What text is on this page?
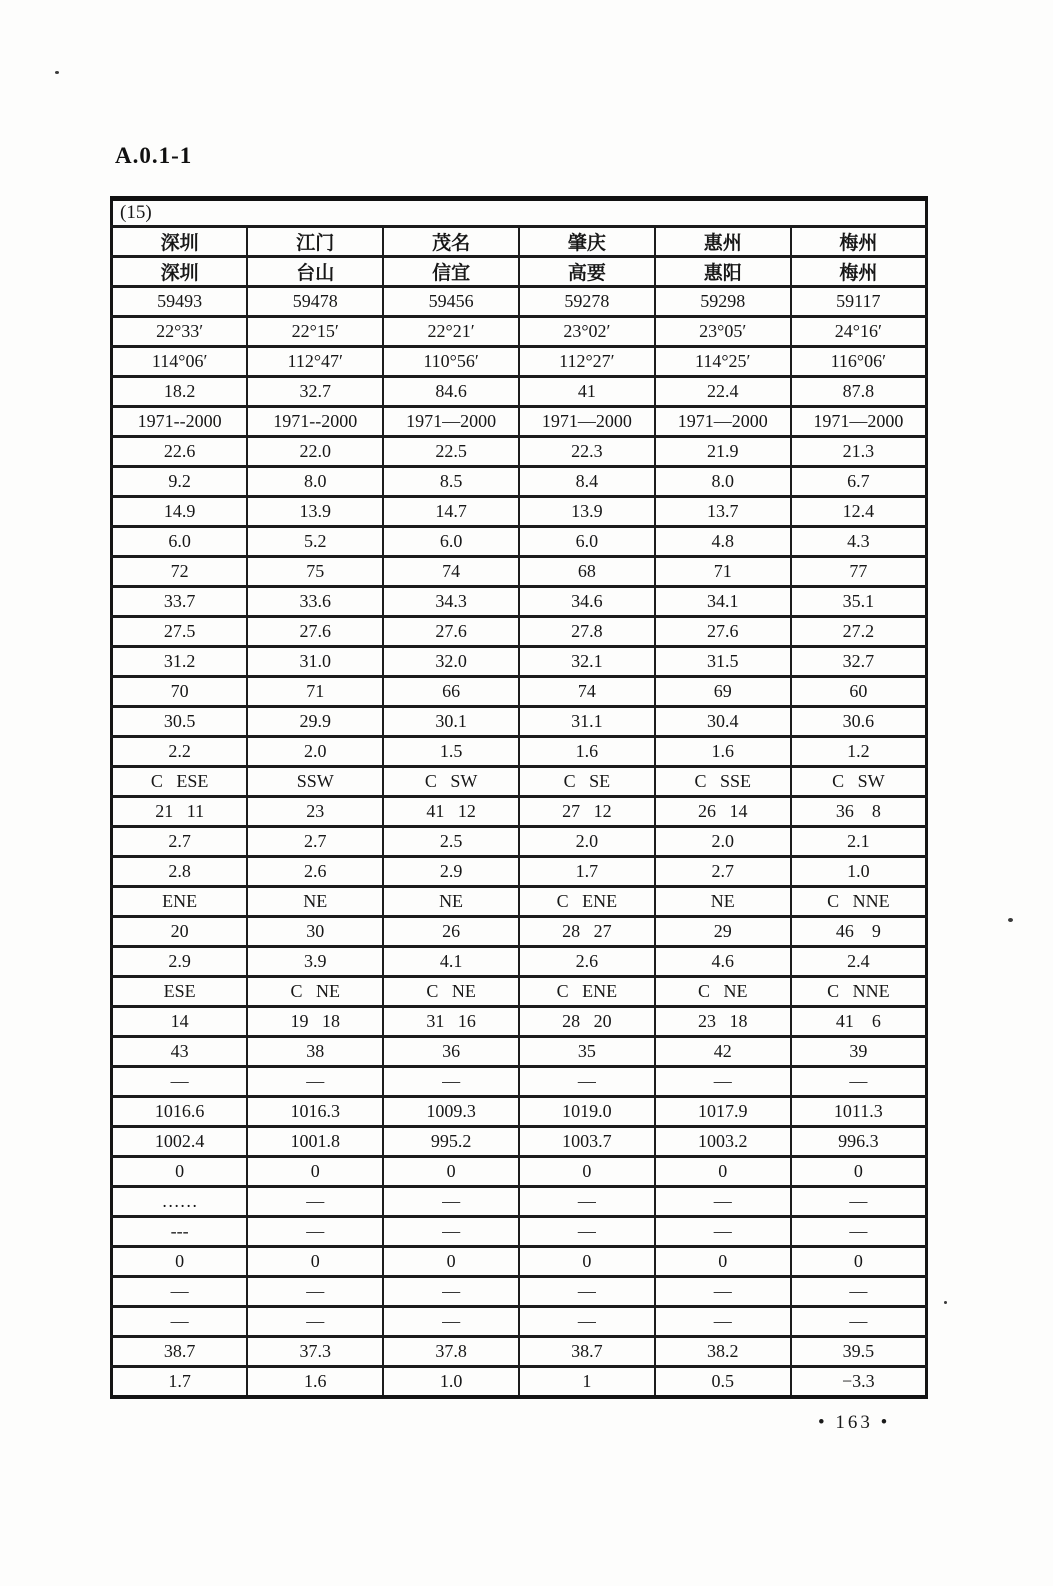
A.0.1-1
(15)					
深圳	江门	茂名	肇庆	惠州	梅州
深圳	台山	信宜	高要	惠阳	梅州
59493	59478	59456	59278	59298	59117
22°33′	22°15′	22°21′	23°02′	23°05′	24°16′
114°06′	112°47′	110°56′	112°27′	114°25′	116°06′
18.2	32.7	84.6	41	22.4	87.8
1971--2000	1971--2000	1971—2000	1971—2000	1971—2000	1971—2000
22.6	22.0	22.5	22.3	21.9	21.3
9.2	8.0	8.5	8.4	8.0	6.7
14.9	13.9	14.7	13.9	13.7	12.4
6.0	5.2	6.0	6.0	4.8	4.3
72	75	74	68	71	77
33.7	33.6	34.3	34.6	34.1	35.1
27.5	27.6	27.6	27.8	27.6	27.2
31.2	31.0	32.0	32.1	31.5	32.7
70	71	66	74	69	60
30.5	29.9	30.1	31.1	30.4	30.6
2.2	2.0	1.5	1.6	1.6	1.2
C   ESE	SSW	C   SW	C   SE	C   SSE	C   SW
21   11	23	41   12	27   12	26   14	36    8
2.7	2.7	2.5	2.0	2.0	2.1
2.8	2.6	2.9	1.7	2.7	1.0
ENE	NE	NE	C   ENE	NE	C   NNE
20	30	26	28   27	29	46    9
2.9	3.9	4.1	2.6	4.6	2.4
ESE	C   NE	C   NE	C   ENE	C   NE	C   NNE
14	19   18	31   16	28   20	23   18	41    6
43	38	36	35	42	39
—	—	—	—	—	—
1016.6	1016.3	1009.3	1019.0	1017.9	1011.3
1002.4	1001.8	995.2	1003.7	1003.2	996.3
0	0	0	0	0	0
……	—	—	—	—	—
---	—	—	—	—	—
0	0	0	0	0	0
—	—	—	—	—	—
—	—	—	—	—	—
38.7	37.3	37.8	38.7	38.2	39.5
1.7	1.6	1.0	1	0.5	−3.3
• 163 •
